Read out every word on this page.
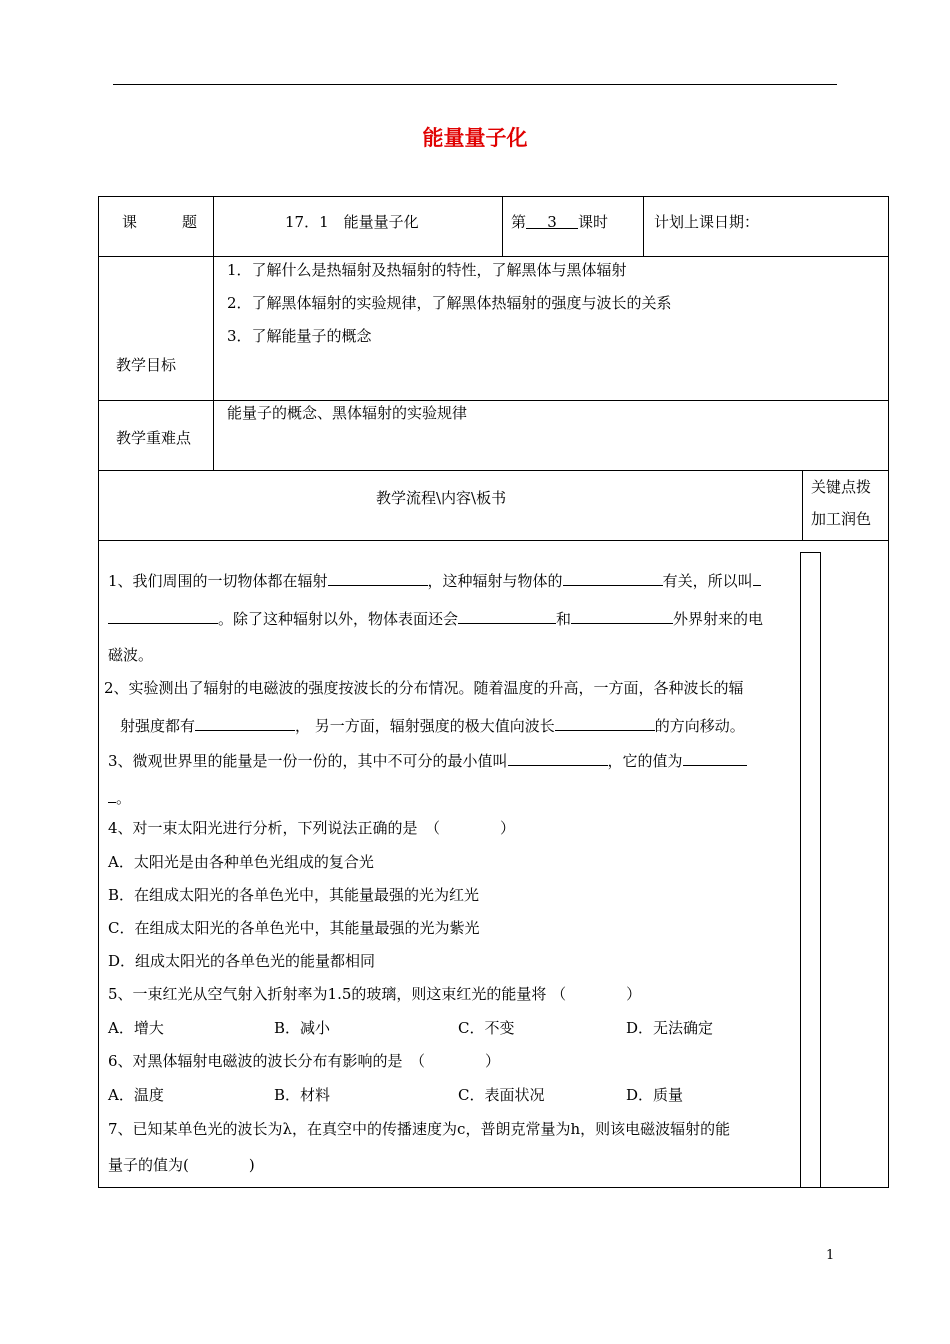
能量量子化
课　　　题	17．1　能量量子化	第 3 课时	计划上课日期：
教学目标
1．了解什么是热辐射及热辐射的特性，了解黑体与黑体辐射
2．了解黑体辐射的实验规律，了解黑体热辐射的强度与波长的关系
3．了解能量子的概念
教学重难点
能量子的概念、黑体辐射的实验规律
教学流程\内容\板书
关键点拨
加工润色
1、我们周围的一切物体都在辐射	，这种辐射与物体的	有关，所以叫
。除了这种辐射以外，物体表面还会	和	外界射来的电
磁波。
2、实验测出了辐射的电磁波的强度按波长的分布情况。随着温度的升高，一方面，各种波长的辐
射强度都有	， 另一方面，辐射强度的极大值向波长	的方向移动。
3、微观世界里的能量是一份一份的，其中不可分的最小值叫	，它的值为
。
4、对一束太阳光进行分析，下列说法正确的是　（　　　　）
A．太阳光是由各种单色光组成的复合光
B．在组成太阳光的各单色光中，其能量最强的光为红光
C．在组成太阳光的各单色光中，其能量最强的光为紫光
D．组成太阳光的各单色光的能量都相同
5、一束红光从空气射入折射率为1.5的玻璃，则这束红光的能量将 （　　　　）
A．增大	B．减小	C．不变	D．无法确定
6、对黑体辐射电磁波的波长分布有影响的是　（　　　　）
A．温度	B．材料	C．表面状况	D．质量
7、已知某单色光的波长为λ，在真空中的传播速度为c，普朗克常量为h，则该电磁波辐射的能
量子的值为(　　　　)
1
